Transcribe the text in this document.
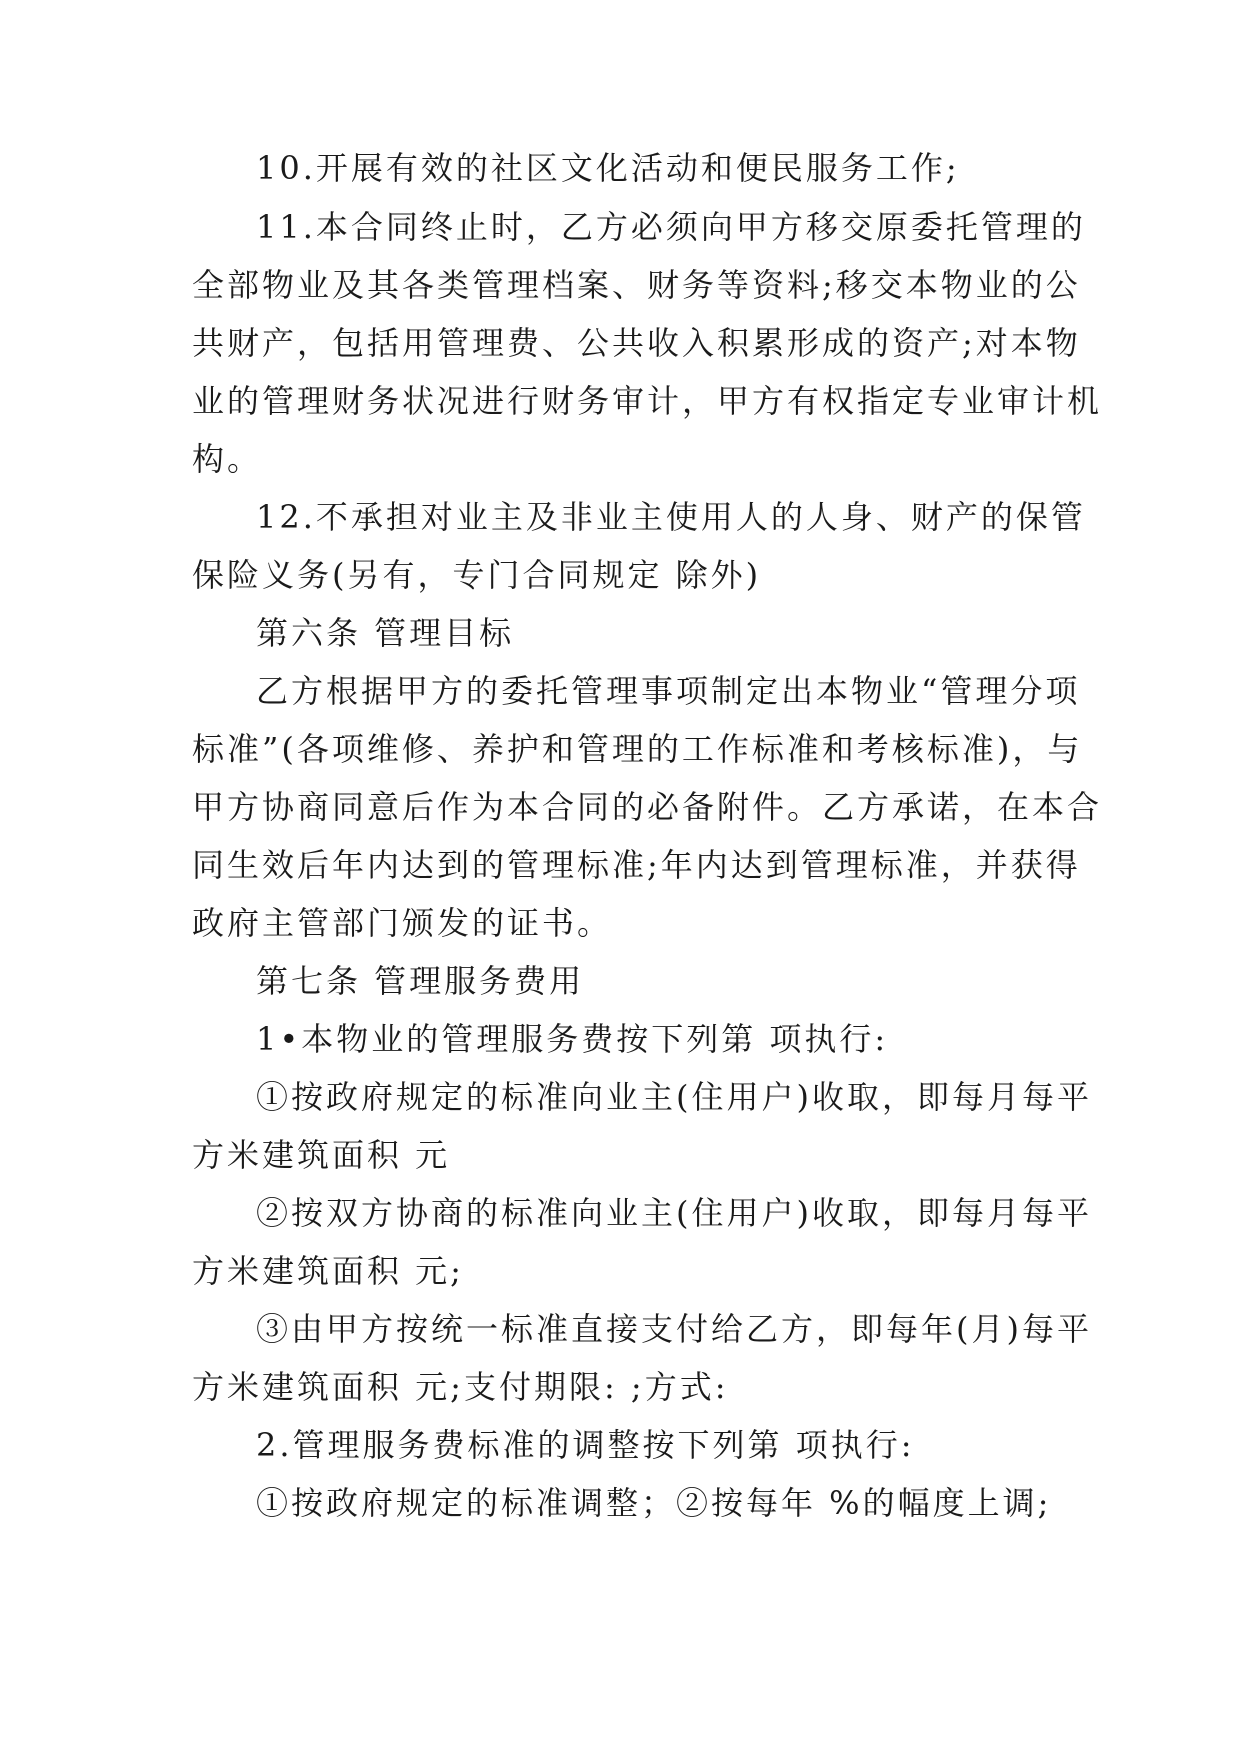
10.开展有效的社区文化活动和便民服务工作;
11.本合同终止时，乙方必须向甲方移交原委托管理的
全部物业及其各类管理档案、财务等资料;移交本物业的公
共财产，包括用管理费、公共收入积累形成的资产;对本物
业的管理财务状况进行财务审计，甲方有权指定专业审计机
构。
12.不承担对业主及非业主使用人的人身、财产的保管
保险义务(另有，专门合同规定 除外)
第六条 管理目标
乙方根据甲方的委托管理事项制定出本物业“管理分项
标准”(各项维修、养护和管理的工作标准和考核标准)，与
甲方协商同意后作为本合同的必备附件。乙方承诺，在本合
同生效后年内达到的管理标准;年内达到管理标准，并获得
政府主管部门颁发的证书。
第七条 管理服务费用
1•本物业的管理服务费按下列第 项执行:
①按政府规定的标准向业主(住用户)收取，即每月每平
方米建筑面积 元
②按双方协商的标准向业主(住用户)收取，即每月每平
方米建筑面积 元;
③由甲方按统一标准直接支付给乙方，即每年(月)每平
方米建筑面积 元;支付期限: ;方式:
2.管理服务费标准的调整按下列第 项执行:
①按政府规定的标准调整；②按每年 %的幅度上调;
